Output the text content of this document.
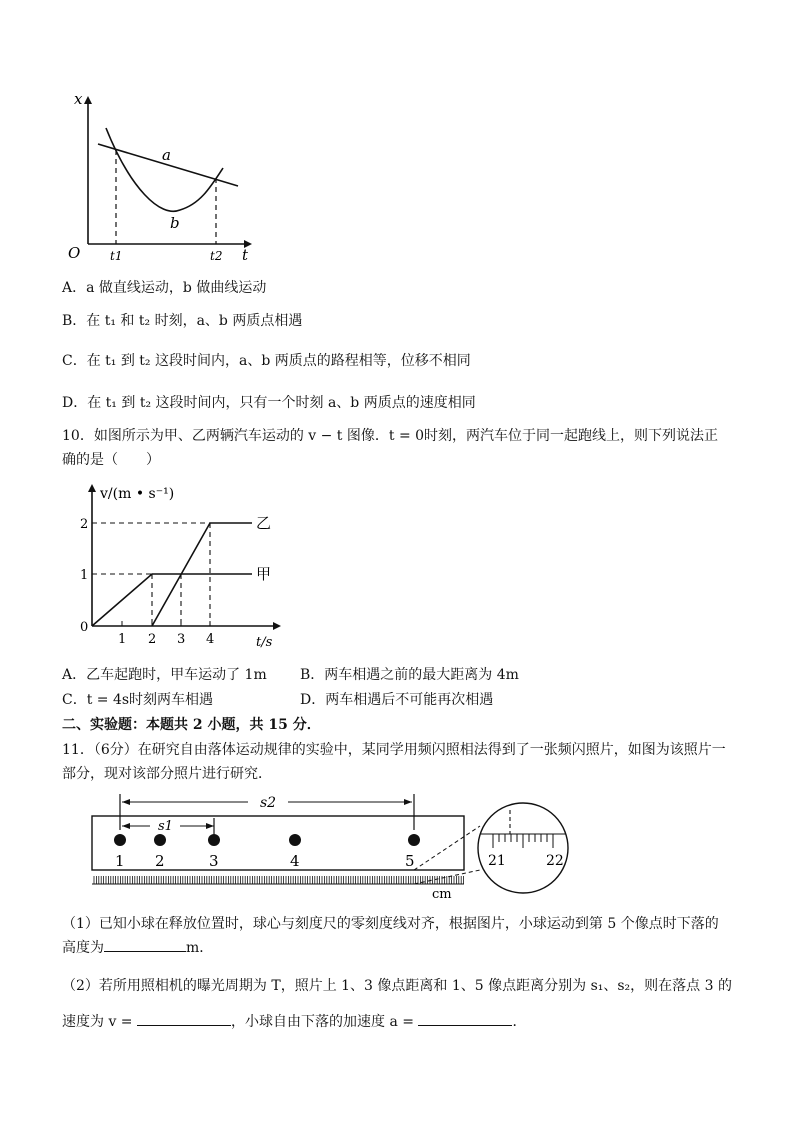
x
t
O
a
b
t1	t2
A．a 做直线运动，b 做曲线运动
B．在 t₁ 和 t₂ 时刻，a、b 两质点相遇
C．在 t₁ 到 t₂ 这段时间内，a、b 两质点的路程相等，位移不相同
D．在 t₁ 到 t₂ 这段时间内，只有一个时刻 a、b 两质点的速度相同
10．如图所示为甲、乙两辆汽车运动的 v − t 图像．t = 0时刻，两汽车位于同一起跑线上，则下列说法正确的是（　　）
v/(m • s⁻¹)
t/s
0
1
2
1 2 3 4
乙
甲
A．乙车起跑时，甲车运动了 1m B．两车相遇之前的最大距离为 4m
C．t = 4s时刻两车相遇	D．两车相遇后不可能再次相遇
二、实验题：本题共 2 小题，共 15 分．
11．（6分）在研究自由落体运动规律的实验中，某同学用频闪照相法得到了一张频闪照片，如图为该照片一部分，现对该部分照片进行研究．
s2
s1
1 2	3	4	5
cm
21	22
（1）已知小球在释放位置时，球心与刻度尺的零刻度线对齐，根据图片，小球运动到第 5 个像点时下落的高度为	m．
（2）若所用照相机的曝光周期为 T，照片上 1、3 像点距离和 1、5 像点距离分别为 s₁、s₂，则在落点 3 的速度为 v =	，小球自由下落的加速度 a =	．
